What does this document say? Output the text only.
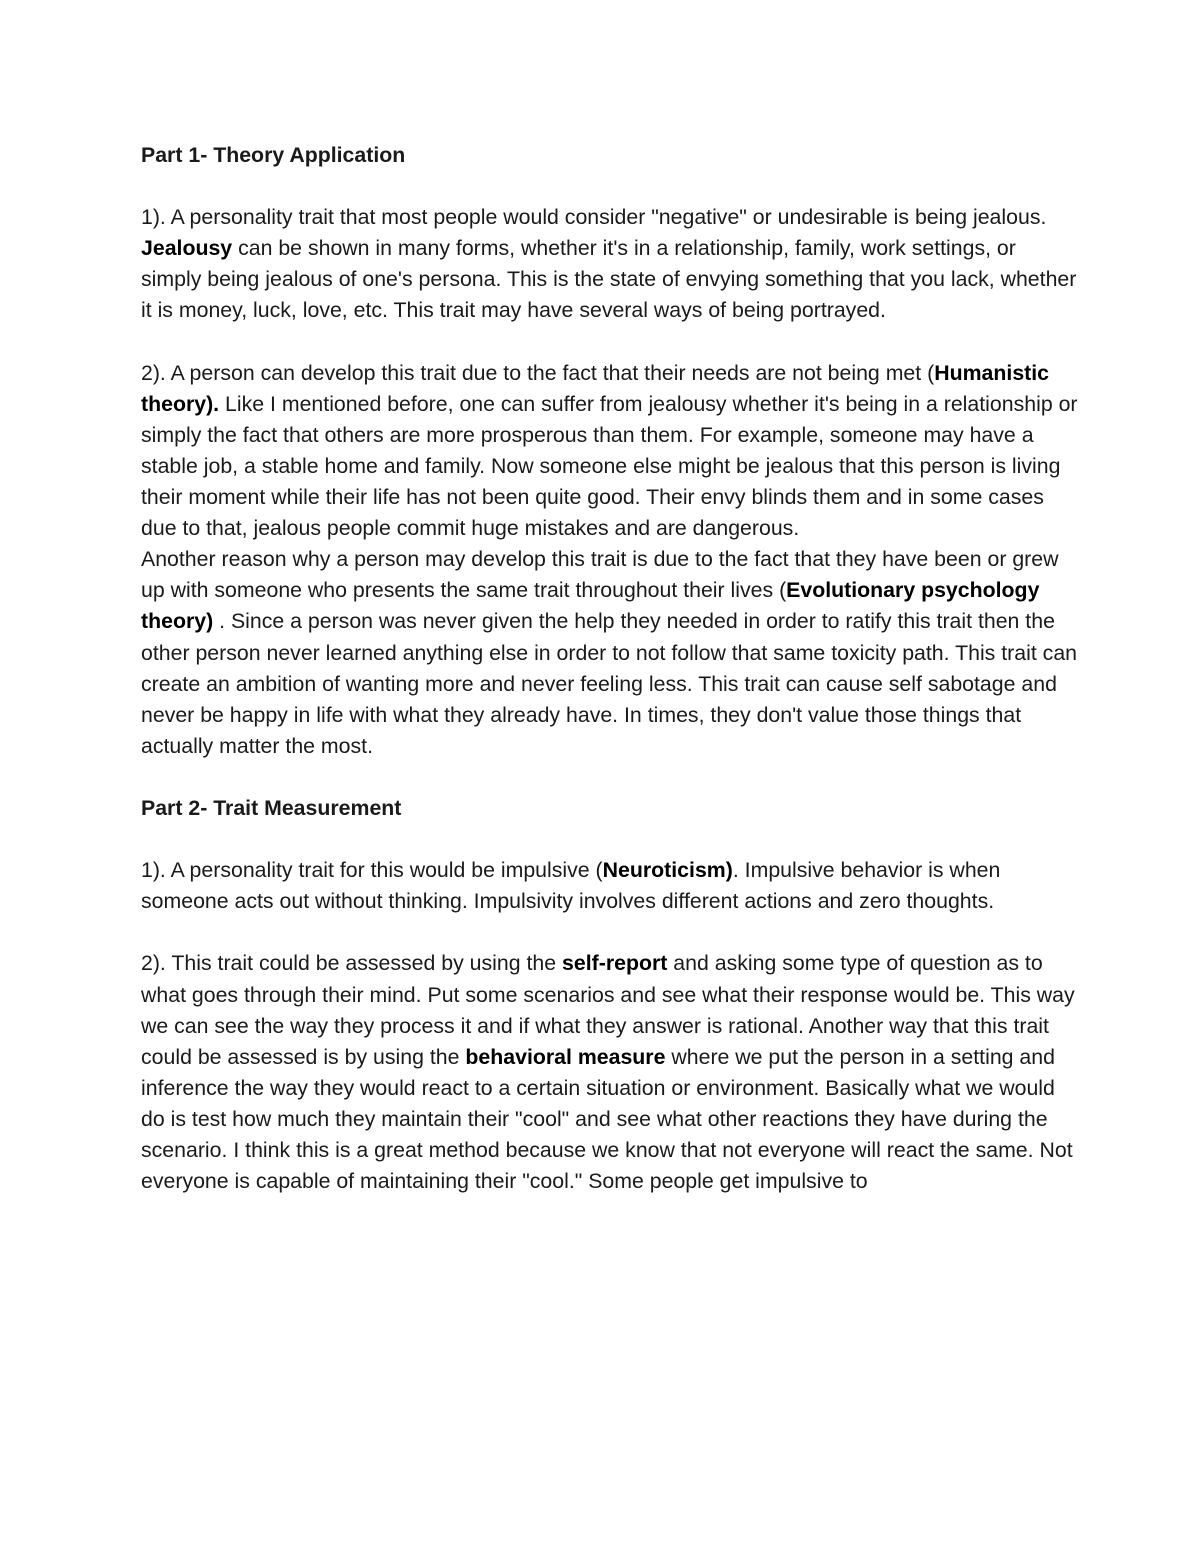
Part 1- Theory Application

1). A personality trait that most people would consider "negative" or undesirable is being jealous. Jealousy can be shown in many forms, whether it's in a relationship, family, work settings, or simply being jealous of one's persona. This is the state of envying something that you lack, whether it is money, luck, love, etc. This trait may have several ways of being portrayed.

2). A person can develop this trait due to the fact that their needs are not being met (Humanistic theory). Like I mentioned before, one can suffer from jealousy whether it's being in a relationship or simply the fact that others are more prosperous than them. For example, someone may have a stable job, a stable home and family. Now someone else might be jealous that this person is living their moment while their life has not been quite good. Their envy blinds them and in some cases due to that, jealous people commit huge mistakes and are dangerous.

Another reason why a person may develop this trait is due to the fact that they have been or grew up with someone who presents the same trait throughout their lives (Evolutionary psychology theory) . Since a person was never given the help they needed in order to ratify this trait then the other person never learned anything else in order to not follow that same toxicity path. This trait can create an ambition of wanting more and never feeling less. This trait can cause self sabotage and never be happy in life with what they already have. In times, they don't value those things that actually matter the most.

Part 2- Trait Measurement

1). A personality trait for this would be impulsive (Neuroticism). Impulsive behavior is when someone acts out without thinking. Impulsivity involves different actions and zero thoughts.

2). This trait could be assessed by using the self-report and asking some type of question as to what goes through their mind. Put some scenarios and see what their response would be. This way we can see the way they process it and if what they answer is rational. Another way that this trait could be assessed is by using the behavioral measure where we put the person in a setting and inference the way they would react to a certain situation or environment. Basically what we would do is test how much they maintain their "cool" and see what other reactions they have during the scenario. I think this is a great method because we know that not everyone will react the same. Not everyone is capable of maintaining their "cool." Some people get impulsive to
